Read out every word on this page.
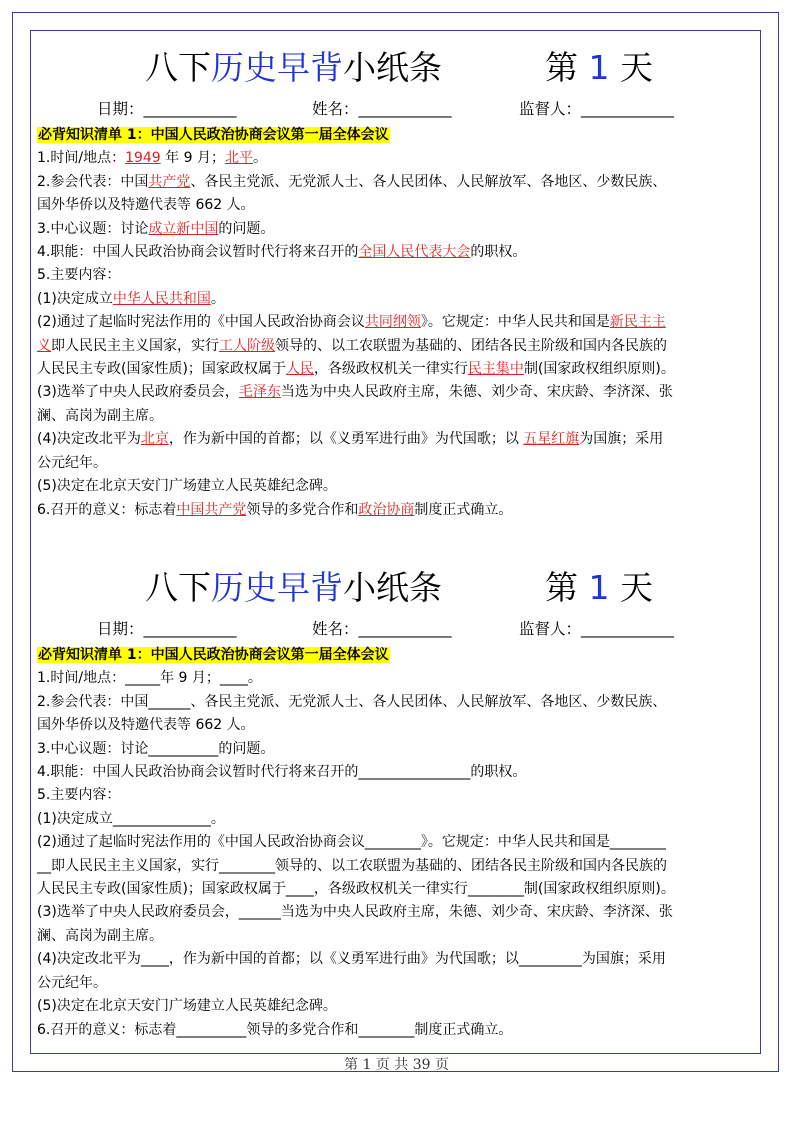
八下历史早背小纸条	第 1 天
日期：____________	姓名：____________	监督人：____________
必背知识清单 1：中国人民政治协商会议第一届全体会议
1.时间/地点：1949 年 9 月；北平。
2.参会代表：中国共产党、各民主党派、无党派人士、各人民团体、人民解放军、各地区、少数民族、
国外华侨以及特邀代表等 662 人。
3.中心议题：讨论成立新中国的问题。
4.职能：中国人民政治协商会议暂时代行将来召开的全国人民代表大会的职权。
5.主要内容：
(1)决定成立中华人民共和国。
(2)通过了起临时宪法作用的《中国人民政治协商会议共同纲领》。它规定：中华人民共和国是新民主主
义即人民民主主义国家，实行工人阶级领导的、以工农联盟为基础的、团结各民主阶级和国内各民族的
人民民主专政(国家性质)；国家政权属于人民，各级政权机关一律实行民主集中制(国家政权组织原则)。
(3)选举了中央人民政府委员会，毛泽东当选为中央人民政府主席，朱德、刘少奇、宋庆龄、李济深、张
澜、高岗为副主席。
(4)决定改北平为北京，作为新中国的首都；以《义勇军进行曲》为代国歌；以 五星红旗为国旗；采用
公元纪年。
(5)决定在北京天安门广场建立人民英雄纪念碑。
6.召开的意义：标志着中国共产党领导的多党合作和政治协商制度正式确立。
八下历史早背小纸条	第 1 天
日期：____________	姓名：____________	监督人：____________
必背知识清单 1：中国人民政治协商会议第一届全体会议
1.时间/地点：_____年 9 月；____。
2.参会代表：中国______、各民主党派、无党派人士、各人民团体、人民解放军、各地区、少数民族、
国外华侨以及特邀代表等 662 人。
3.中心议题：讨论__________的问题。
4.职能：中国人民政治协商会议暂时代行将来召开的________________的职权。
5.主要内容：
(1)决定成立______________。
(2)通过了起临时宪法作用的《中国人民政治协商会议________》。它规定：中华人民共和国是________
__即人民民主主义国家，实行________领导的、以工农联盟为基础的、团结各民主阶级和国内各民族的
人民民主专政(国家性质)；国家政权属于____，各级政权机关一律实行________制(国家政权组织原则)。
(3)选举了中央人民政府委员会，______当选为中央人民政府主席，朱德、刘少奇、宋庆龄、李济深、张
澜、高岗为副主席。
(4)决定改北平为____，作为新中国的首都；以《义勇军进行曲》为代国歌；以_________为国旗；采用
公元纪年。
(5)决定在北京天安门广场建立人民英雄纪念碑。
6.召开的意义：标志着__________领导的多党合作和________制度正式确立。
第 1 页 共 39 页
